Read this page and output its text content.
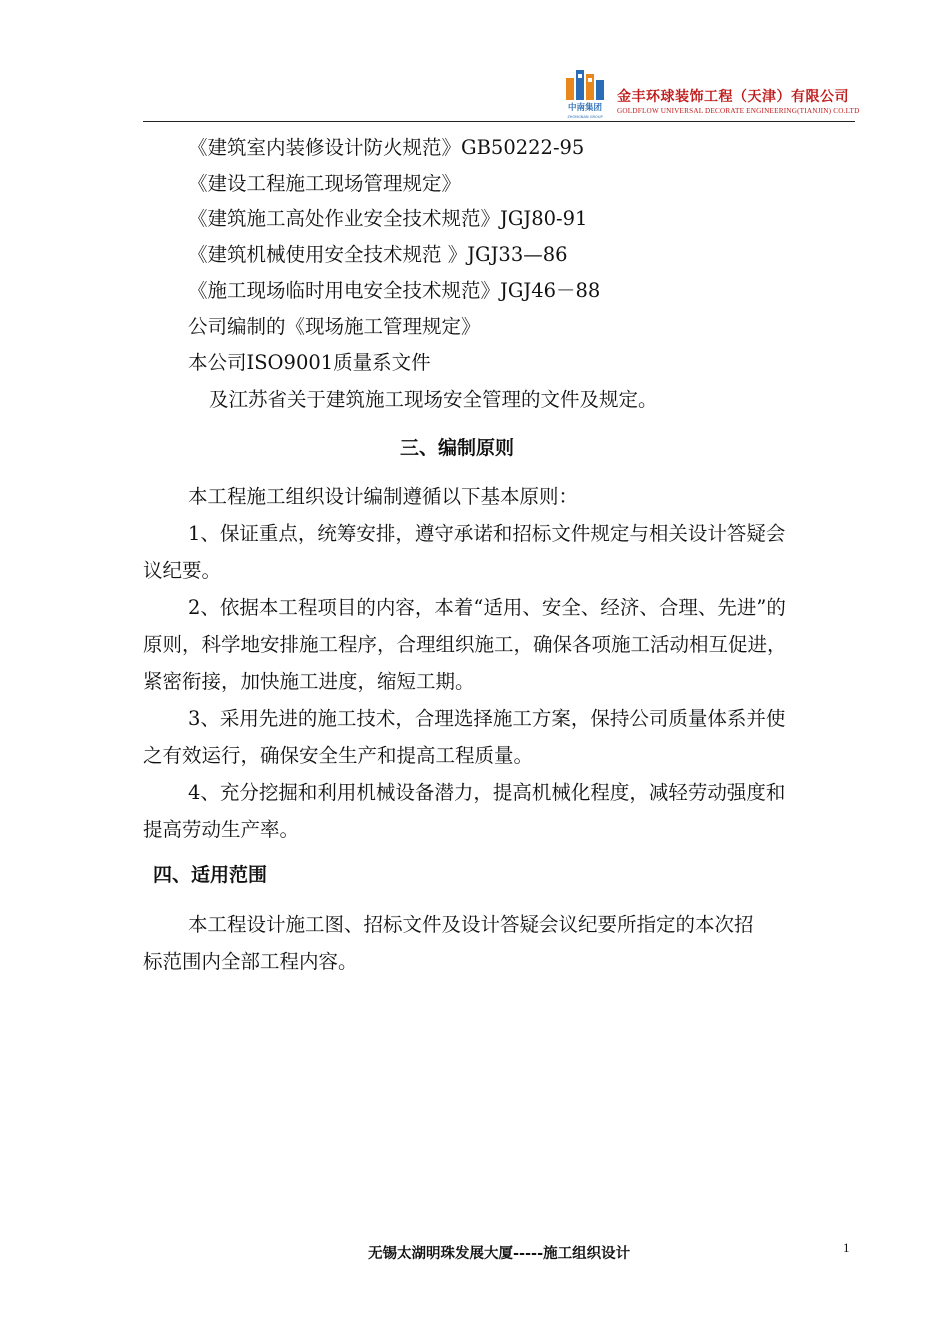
中南集团
ZHONGNAN GROUP
金丰环球装饰工程（天津）有限公司
GOLDFLOW UNIVERSAL DECORATE ENGINEERING(TIANJIN) CO.LTD
《建筑室内装修设计防火规范》GB50222-95
《建设工程施工现场管理规定》
《建筑施工高处作业安全技术规范》JGJ80-91
《建筑机械使用安全技术规范 》JGJ33—86
《施工现场临时用电安全技术规范》JGJ46－88
公司编制的《现场施工管理规定》
本公司ISO9001质量系文件
及江苏省关于建筑施工现场安全管理的文件及规定。
三、编制原则
本工程施工组织设计编制遵循以下基本原则：
1、保证重点，统筹安排，遵守承诺和招标文件规定与相关设计答疑会
议纪要。
2、依据本工程项目的内容，本着“适用、安全、经济、合理、先进”的
原则，科学地安排施工程序，合理组织施工，确保各项施工活动相互促进，
紧密衔接，加快施工进度，缩短工期。
3、采用先进的施工技术，合理选择施工方案，保持公司质量体系并使
之有效运行，确保安全生产和提高工程质量。
4、充分挖掘和利用机械设备潜力，提高机械化程度，减轻劳动强度和
提高劳动生产率。
四、适用范围
本工程设计施工图、招标文件及设计答疑会议纪要所指定的本次招
标范围内全部工程内容。
无锡太湖明珠发展大厦-----施工组织设计	1
